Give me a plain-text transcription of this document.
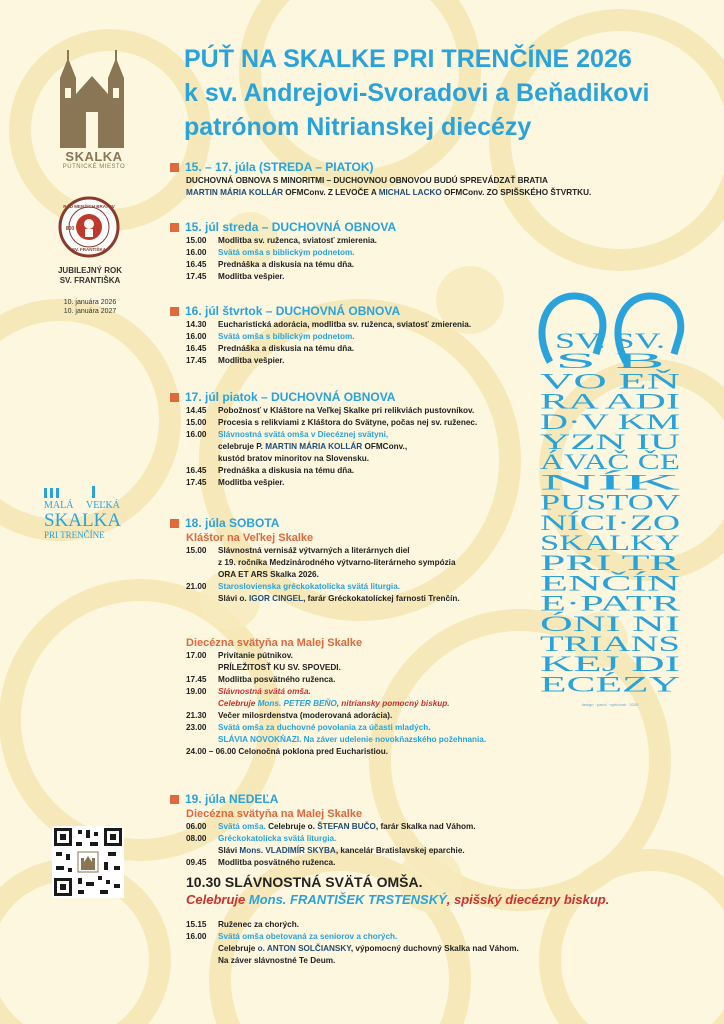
PÚŤ NA SKALKE PRI TRENČÍNE 2026
k sv. Andrejovi-Svoradovi a Beňadikovi
patrónom Nitrianskej diecézy
SKALKA
PÚTNICKÉ MIESTO
RÁD MENŠÍCH BRATOV
SV. FRANTIŠKA
800
JUBILEJNÝ ROK
SV. FRANTIŠKA
10. januára 2026
10. januára 2027
MALÁ VEĽKÁ
SKALKA
PRI TRENČÍNE
15. – 17. júla (STREDA – PIATOK)
DUCHOVNÁ OBNOVA S MINORITMI – DUCHOVNOU OBNOVOU BUDÚ SPREVÁDZAŤ BRATIA
MARTIN MÁRIA KOLLÁR OFMConv. Z LEVOČE A MICHAL LACKO OFMConv. ZO SPIŠSKÉHO ŠTVRTKU.
15. júl streda – DUCHOVNÁ OBNOVA
15.00 Modlitba sv. ruženca, sviatosť zmierenia.
16.00 Svätá omša s biblickým podnetom.
16.45 Prednáška a diskusia na tému dňa.
17.45 Modlitba vešpier.
16. júl štvrtok – DUCHOVNÁ OBNOVA
14.30 Eucharistická adorácia, modlitba sv. ruženca, sviatosť zmierenia.
16.00 Svätá omša s biblickým podnetom.
16.45 Prednáška a diskusia na tému dňa.
17.45 Modlitba vešpier.
17. júl piatok – DUCHOVNÁ OBNOVA
14.45 Pobožnosť v Kláštore na Veľkej Skalke pri relikviách pustovníkov.
15.00 Procesia s relikviami z Kláštora do Svätyne, počas nej sv. ruženec.
16.00 Slávnostná svätá omša v Diecéznej svätyni,
celebruje P. MARTIN MÁRIA KOLLÁR OFMConv.,
kustód bratov minoritov na Slovensku.
16.45 Prednáška a diskusia na tému dňa.
17.45 Modlitba vešpier.
18. júla SOBOTA
Kláštor na Veľkej Skalke
15.00 Slávnostná vernisáž výtvarných a literárnych diel
z 19. ročníka Medzinárodného výtvarno-literárneho sympózia
ORA ET ARS Skalka 2026.
21.00 Staroslovienska gréckokatolícka svätá liturgia.
Slávi o. IGOR CINGEL, farár Gréckokatolíckej farnosti Trenčín.
Diecézna svätyňa na Malej Skalke
17.00 Privítanie pútnikov.
PRÍLEŽITOSŤ KU SV. SPOVEDI.
17.45 Modlitba posvätného ruženca.
19.00 Slávnostná svätá omša.
Celebruje Mons. PETER BEŇO, nitriansky pomocný biskup.
21.30 Večer milosrdenstva (moderovaná adorácia).
23.00 Svätá omša za duchovné povolania za účasti mladých.
SLÁVIA NOVOKŇAZI. Na záver udelenie novokňazského požehnania.
24.00 – 06.00 Celonočná poklona pred Eucharistiou.
19. júla NEDEĽA
Diecézna svätyňa na Malej Skalke
06.00 Svätá omša. Celebruje o. ŠTEFAN BUČO, farár Skalka nad Váhom.
08.00 Gréckokatolícka svätá liturgia.
Slávi Mons. VLADIMÍR SKYBA, kancelár Bratislavskej eparchie.
09.45 Modlitba posvätného ruženca.
10.30 SLÁVNOSTNÁ SVÄTÁ OMŠA.
Celebruje Mons. FRANTIŠEK TRSTENSKÝ, spišský diecézny biskup.
15.15 Ruženec za chorých.
16.00 Svätá omša obetovaná za seniorov a chorých.
Celebruje o. ANTON SOLČIANSKY, výpomocný duchovný Skalka nad Váhom.
Na záver slávnostné Te Deum.
SV. SV.
S B
VO EŇ
RA ADI
D·V KM
YZN IU
ÁVAČ ČE
NÍK
PUSTOV
NÍCI·ZO
SKALKY
PRI TR
ENČÍN
E·PATR
ÓNI NI
TRIANS
KEJ DI
ECÉZY
design · pavol · vyrkovak · 2026
